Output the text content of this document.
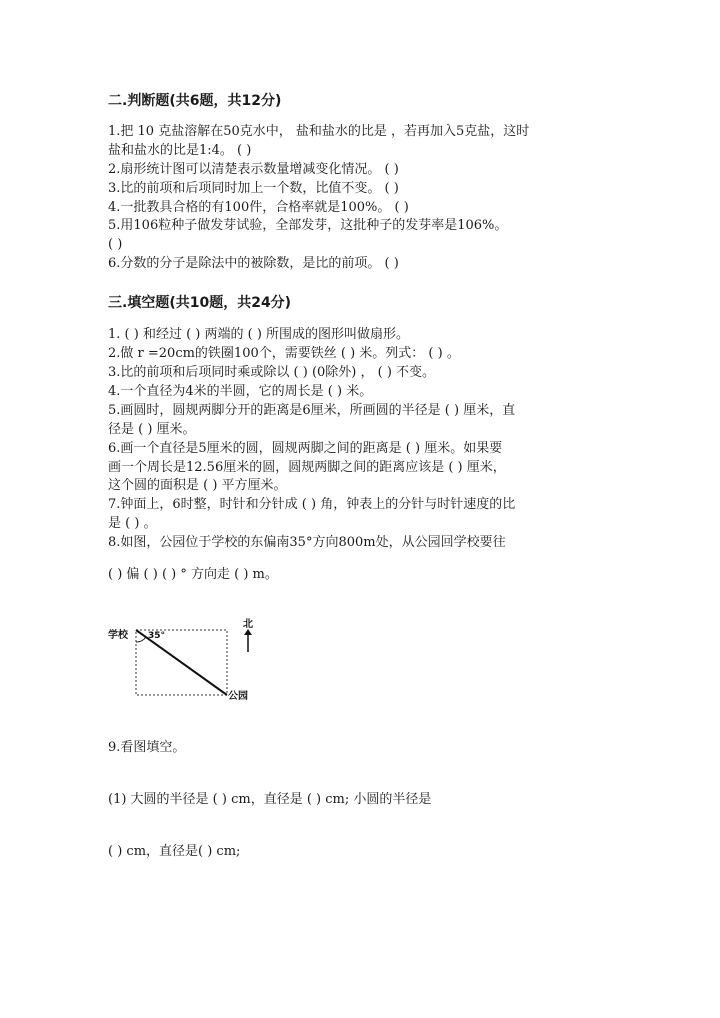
二.判断题(共6题，共12分)
1.把 10 克盐溶解在50克水中， 盐和盐水的比是 ，若再加入5克盐，这时
盐和盐水的比是1:4。 ( )
2.扇形统计图可以清楚表示数量增减变化情况。 ( )
3.比的前项和后项同时加上一个数，比值不变。 ( )
4.一批教具合格的有100件，合格率就是100%。 ( )
5.用106粒种子做发芽试验，全部发芽，这批种子的发芽率是106%。
( )
6.分数的分子是除法中的被除数，是比的前项。 ( )
三.填空题(共10题，共24分)
1. ( ) 和经过 ( ) 两端的 ( ) 所围成的图形叫做扇形。
2.做 r =20cm的铁圈100个，需要铁丝 ( ) 米。列式： ( ) 。
3.比的前项和后项同时乘或除以 ( ) (0除外) ， ( ) 不变。
4.一个直径为4米的半圆，它的周长是 ( ) 米。
5.画圆时，圆规两脚分开的距离是6厘米，所画圆的半径是 ( ) 厘米，直
径是 ( ) 厘米。
6.画一个直径是5厘米的圆，圆规两脚之间的距离是 ( ) 厘米。如果要
画一个周长是12.56厘米的圆，圆规两脚之间的距离应该是 ( ) 厘米，
这个圆的面积是 ( ) 平方厘米。
7.钟面上，6时整，时针和分针成 ( ) 角，钟表上的分针与时针速度的比
是 ( ) 。
8.如图，公园位于学校的东偏南35°方向800m处，从公园回学校要往
( ) 偏 ( ) ( ) ° 方向走 ( ) m。
学校 35°
公园
北
9.看图填空。
(1) 大圆的半径是 ( ) cm，直径是 ( ) cm; 小圆的半径是
( ) cm，直径是( ) cm;
